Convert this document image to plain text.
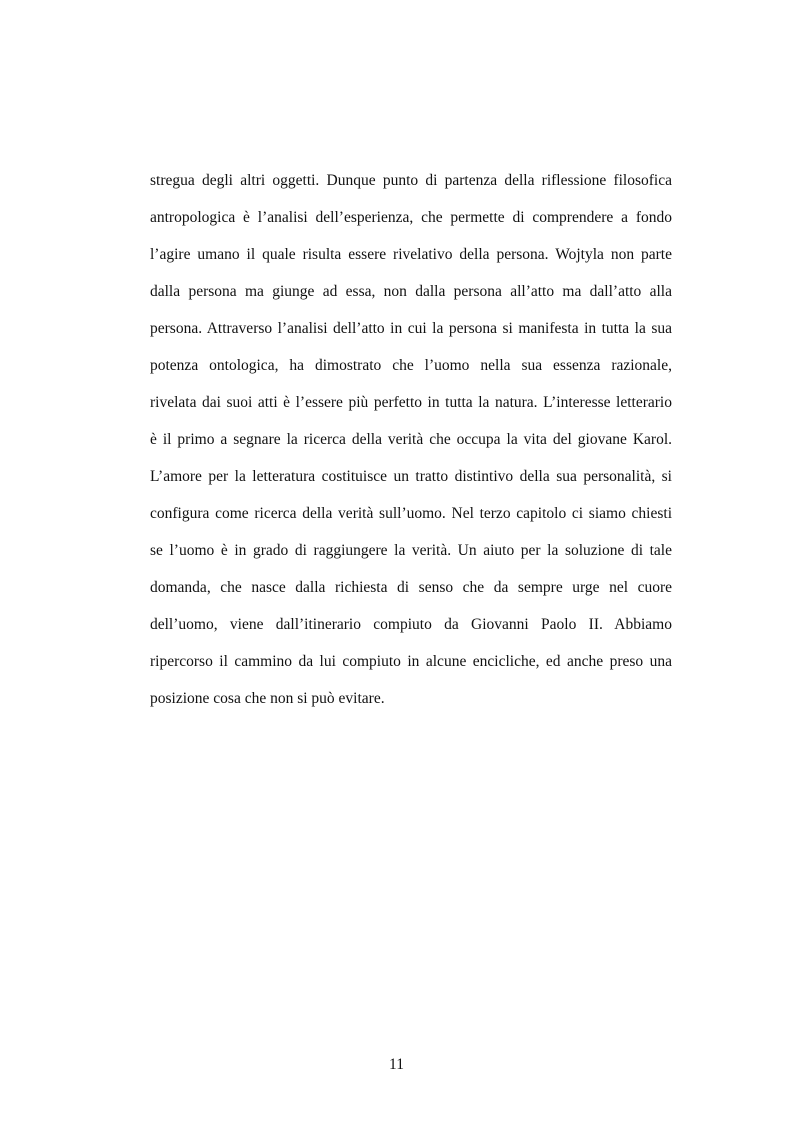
stregua degli altri oggetti. Dunque punto di partenza della riflessione filosofica
antropologica è l’analisi dell’esperienza, che permette di comprendere a fondo
l’agire umano il quale risulta essere rivelativo della persona. Wojtyla non parte
dalla persona ma giunge ad essa, non dalla persona all’atto ma dall’atto alla
persona. Attraverso l’analisi dell’atto in cui la persona si manifesta in tutta la sua
potenza ontologica, ha dimostrato che l’uomo nella sua essenza razionale,
rivelata dai suoi atti è l’essere più perfetto in tutta la natura. L’interesse letterario
è il primo a segnare la ricerca della verità che occupa la vita del giovane Karol.
L’amore per la letteratura costituisce un tratto distintivo della sua personalità, si
configura come ricerca della verità sull’uomo. Nel terzo capitolo ci siamo chiesti
se l’uomo è in grado di raggiungere la verità. Un aiuto per la soluzione di tale
domanda, che nasce dalla richiesta di senso che da sempre urge nel cuore
dell’uomo, viene dall’itinerario compiuto da Giovanni Paolo II. Abbiamo
ripercorso il cammino da lui compiuto in alcune encicliche, ed anche preso una
posizione cosa che non si può evitare.
11
